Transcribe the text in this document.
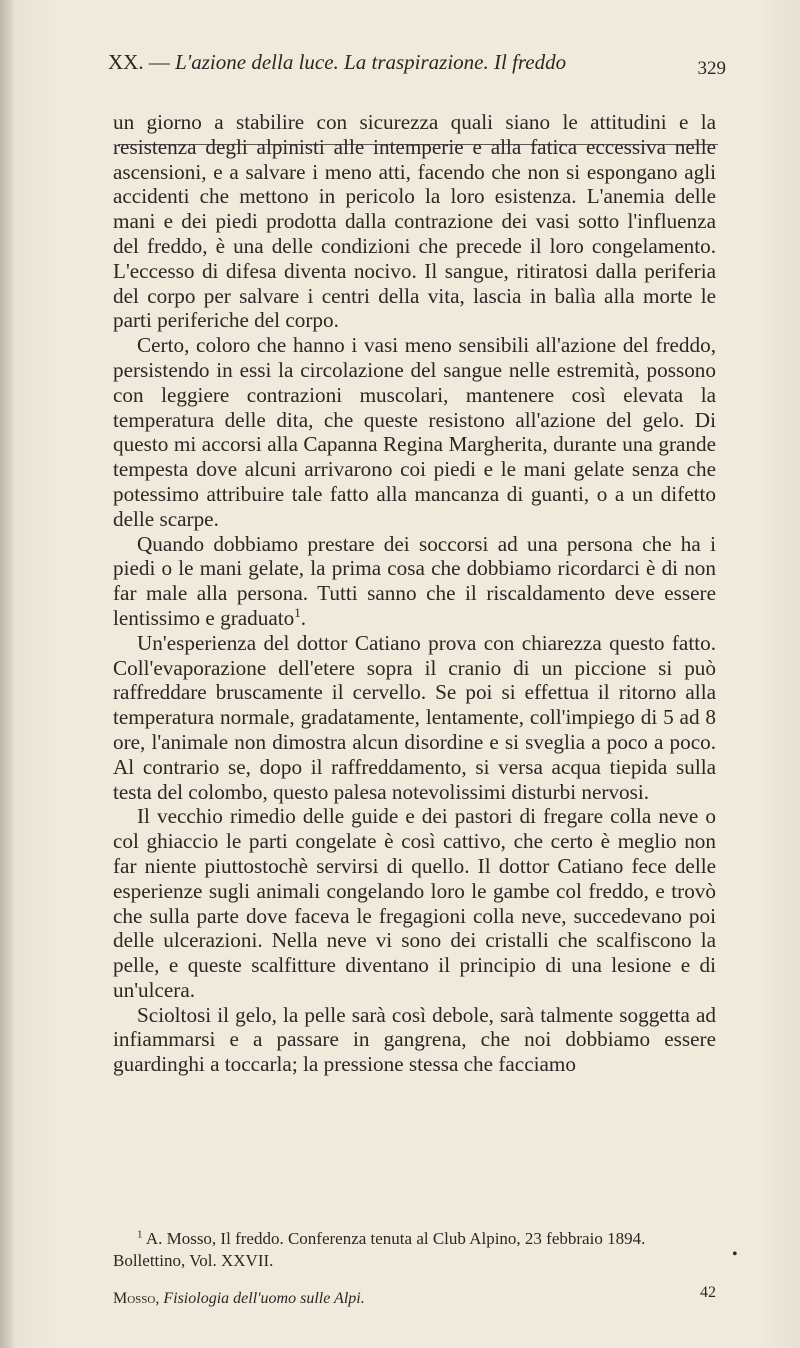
XX. — L'azione della luce. La traspirazione. Il freddo	329

un giorno a stabilire con sicurezza quali siano le attitudini e la resistenza degli alpinisti alle intemperie e alla fatica eccessiva nelle ascensioni, e a salvare i meno atti, facendo che non si espongano agli accidenti che mettono in pericolo la loro esistenza. L'anemia delle mani e dei piedi prodotta dalla contrazione dei vasi sotto l'influenza del freddo, è una delle condizioni che precede il loro congelamento. L'eccesso di difesa diventa nocivo. Il sangue, ritiratosi dalla periferia del corpo per salvare i centri della vita, lascia in balìa alla morte le parti periferiche del corpo.

Certo, coloro che hanno i vasi meno sensibili all'azione del freddo, persistendo in essi la circolazione del sangue nelle estremità, possono con leggiere contrazioni muscolari, mantenere così elevata la temperatura delle dita, che queste resistono all'azione del gelo. Di questo mi accorsi alla Capanna Regina Margherita, durante una grande tempesta dove alcuni arrivarono coi piedi e le mani gelate senza che potessimo attribuire tale fatto alla mancanza di guanti, o a un difetto delle scarpe.

Quando dobbiamo prestare dei soccorsi ad una persona che ha i piedi o le mani gelate, la prima cosa che dobbiamo ricordarci è di non far male alla persona. Tutti sanno che il riscaldamento deve essere lentissimo e graduato$^1$.

Un'esperienza del dottor Catiano prova con chiarezza questo fatto. Coll'evaporazione dell'etere sopra il cranio di un piccione si può raffreddare bruscamente il cervello. Se poi si effettua il ritorno alla temperatura normale, gradatamente, lentamente, coll'impiego di 5 ad 8 ore, l'animale non dimostra alcun disordine e si sveglia a poco a poco. Al contrario se, dopo il raffreddamento, si versa acqua tiepida sulla testa del colombo, questo palesa notevolissimi disturbi nervosi.

Il vecchio rimedio delle guide e dei pastori di fregare colla neve o col ghiaccio le parti congelate è così cattivo, che certo è meglio non far niente piuttostochè servirsi di quello. Il dottor Catiano fece delle esperienze sugli animali congelando loro le gambe col freddo, e trovò che sulla parte dove faceva le fregagioni colla neve, succedevano poi delle ulcerazioni. Nella neve vi sono dei cristalli che scalfiscono la pelle, e queste scalfitture diventano il principio di una lesione e di un'ulcera.

Scioltosi il gelo, la pelle sarà così debole, sarà talmente soggetta ad infiammarsi e a passare in gangrena, che noi dobbiamo essere guardinghi a toccarla; la pressione stessa che facciamo

$^1$ A. Mosso, Il freddo. Conferenza tenuta al Club Alpino, 23 febbraio 1894. Bollettino, Vol. XXVII.

Mosso, Fisiologia dell'uomo sulle Alpi.	42
•
